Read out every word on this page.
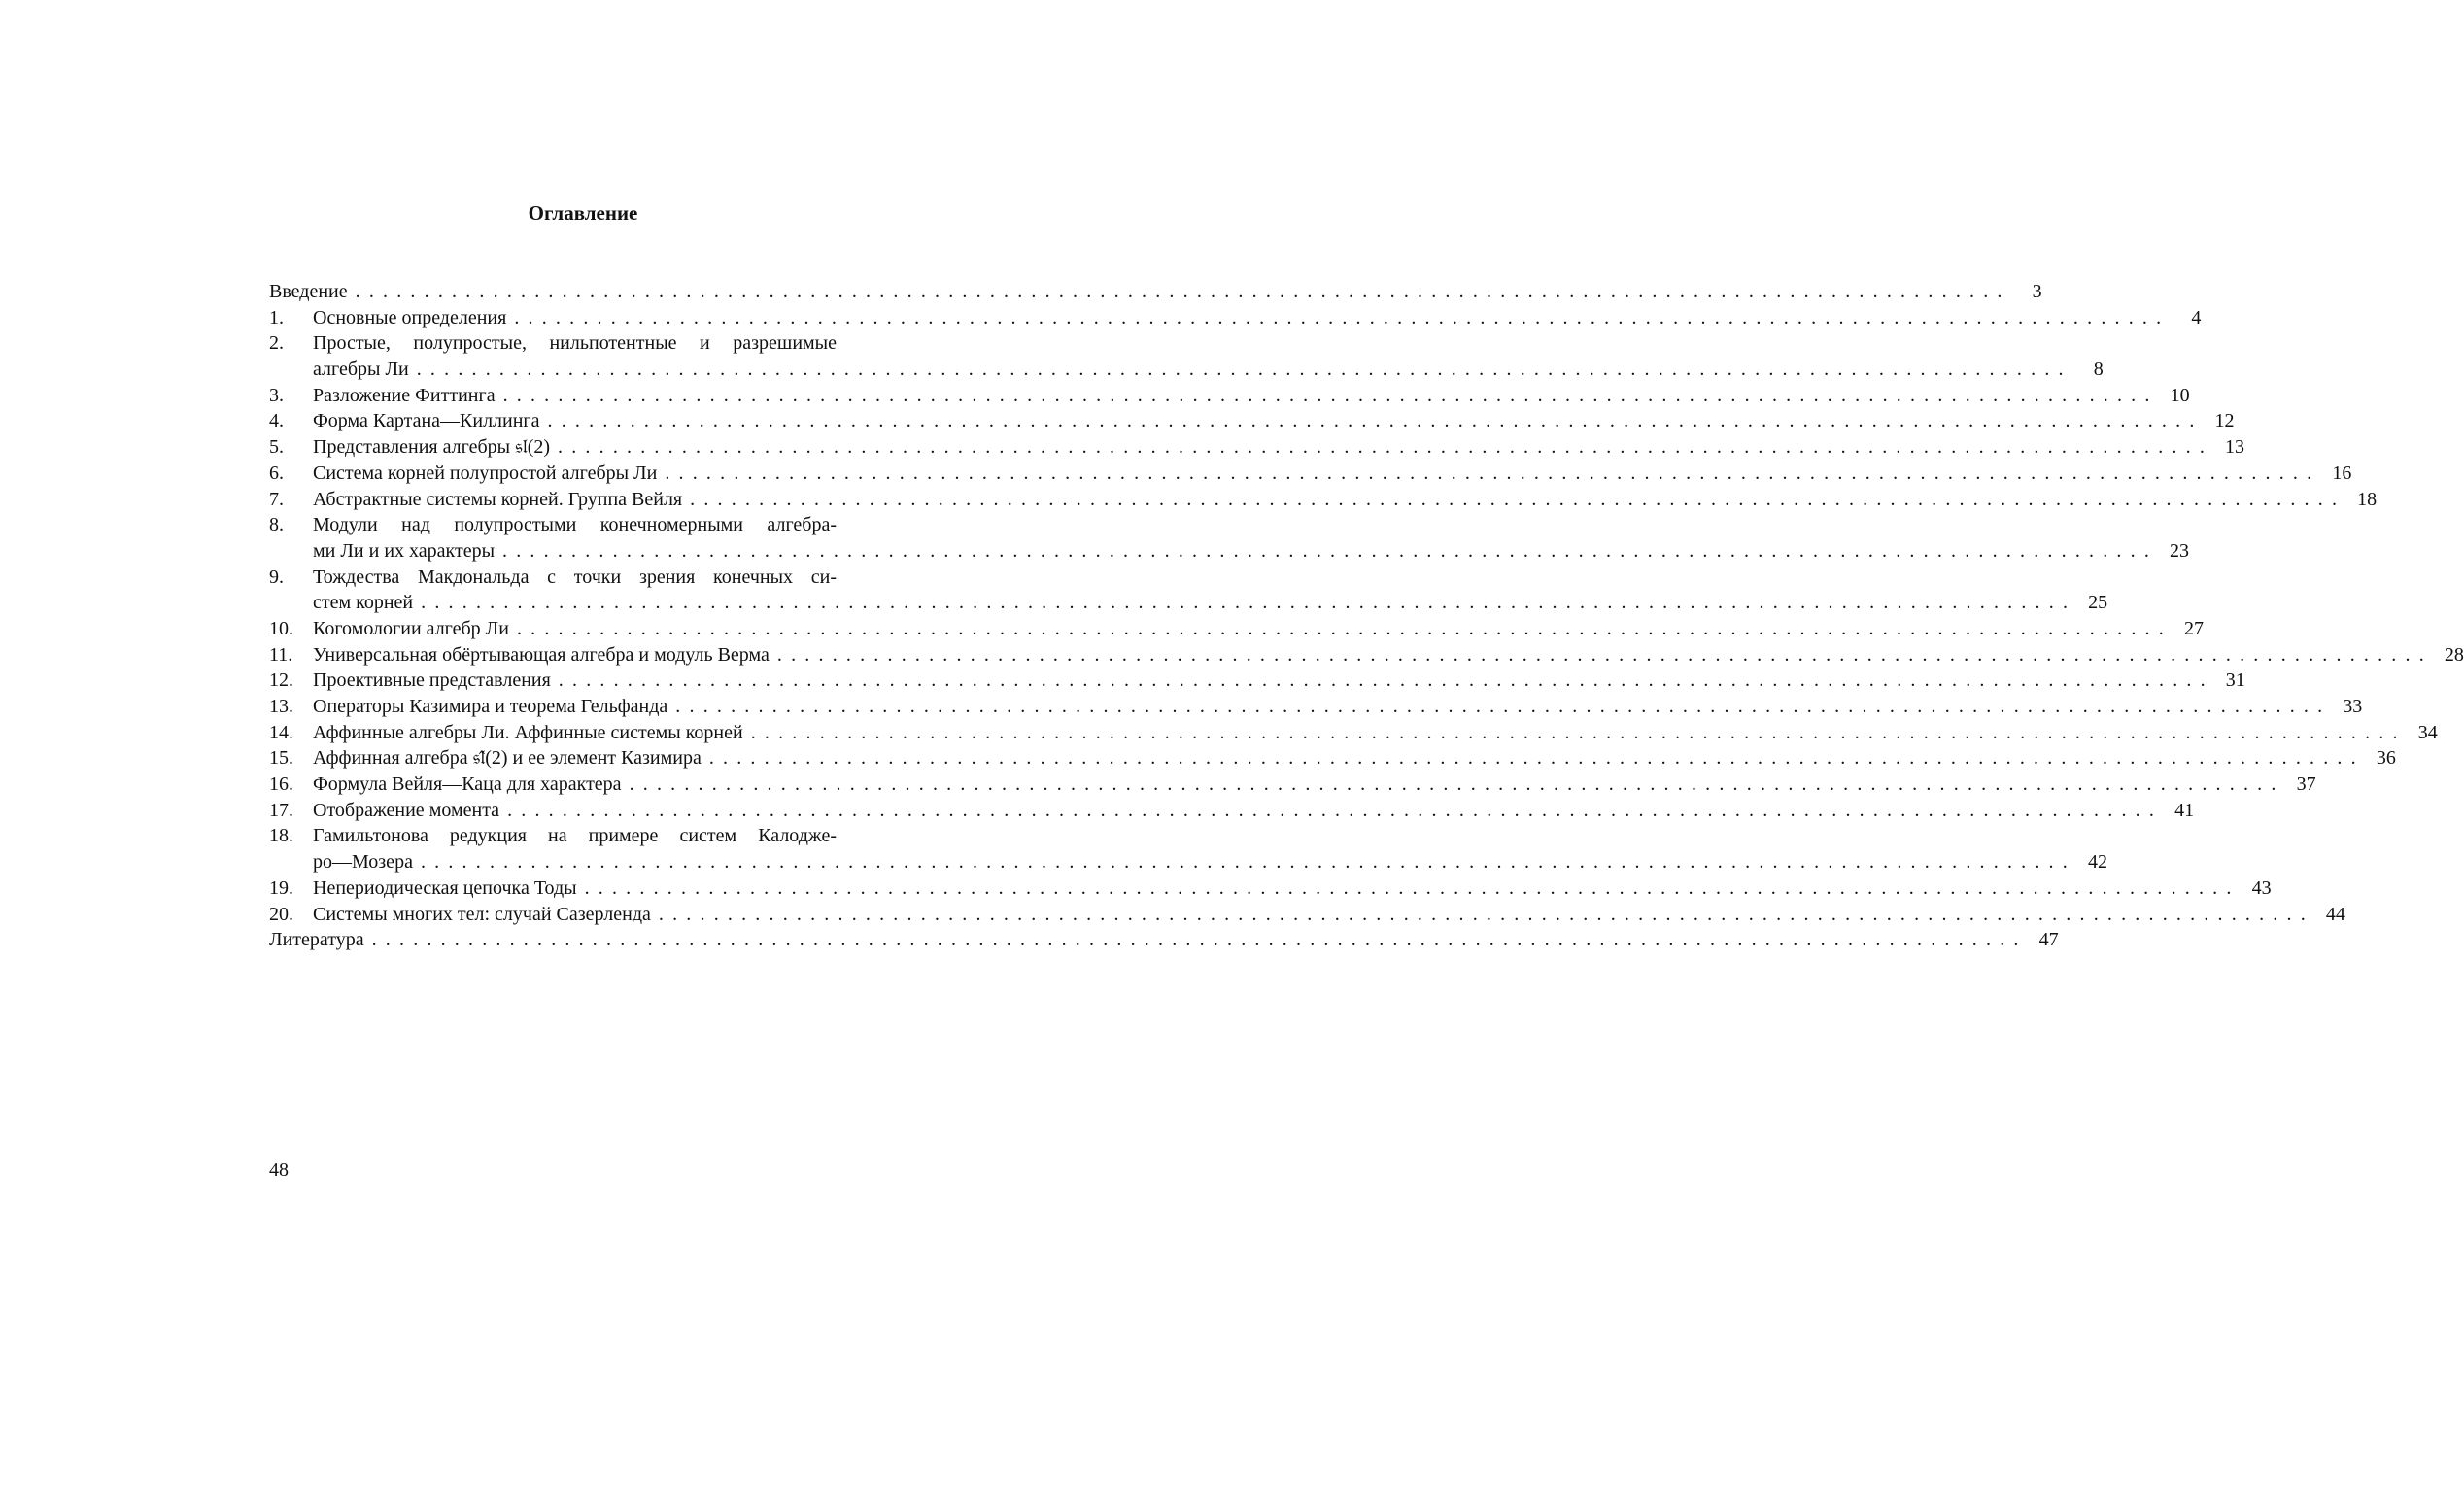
Оглавление
Введение ........................................................................................................................	3
1.	Основные определения ........................................................................................................................	4
2.	Простые, полупростые, нильпотентные и разрешимые
алгебры Ли ........................................................................................................................	8
3.	Разложение Фиттинга ........................................................................................................................ 10
4.	Форма Картана—Киллинга ........................................................................................................................ 12
5.	Представления алгебры 𝔰𝔩(2) ........................................................................................................................ 13
6.	Система корней полупростой алгебры Ли ........................................................................................................................ 16
7.	Абстрактные системы корней. Группа Вейля ........................................................................................................................ 18
8.	Модули над полупростыми конечномерными алгебра-
ми Ли и их характеры ........................................................................................................................ 23
9.	Тождества Макдональда с точки зрения конечных си-
стем корней ........................................................................................................................ 25
10.	Когомологии алгебр Ли ........................................................................................................................ 27
11.	Универсальная обёртывающая алгебра и модуль Верма ........................................................................................................................ 28
12.	Проективные представления ........................................................................................................................ 31
13.	Операторы Казимира и теорема Гельфанда ........................................................................................................................ 33
14.	Аффинные алгебры Ли. Аффинные системы корней ........................................................................................................................ 34
15.	Аффинная алгебра 𝔰𝔩̂(2) и ее элемент Казимира ........................................................................................................................ 36
16.	Формула Вейля—Каца для характера ........................................................................................................................ 37
17.	Отображение момента ........................................................................................................................ 41
18.	Гамильтонова редукция на примере систем Калодже-
ро—Мозера ........................................................................................................................ 42
19.	Непериодическая цепочка Тоды ........................................................................................................................ 43
20.	Системы многих тел: случай Сазерленда ........................................................................................................................ 44
Литература ........................................................................................................................ 47
48
